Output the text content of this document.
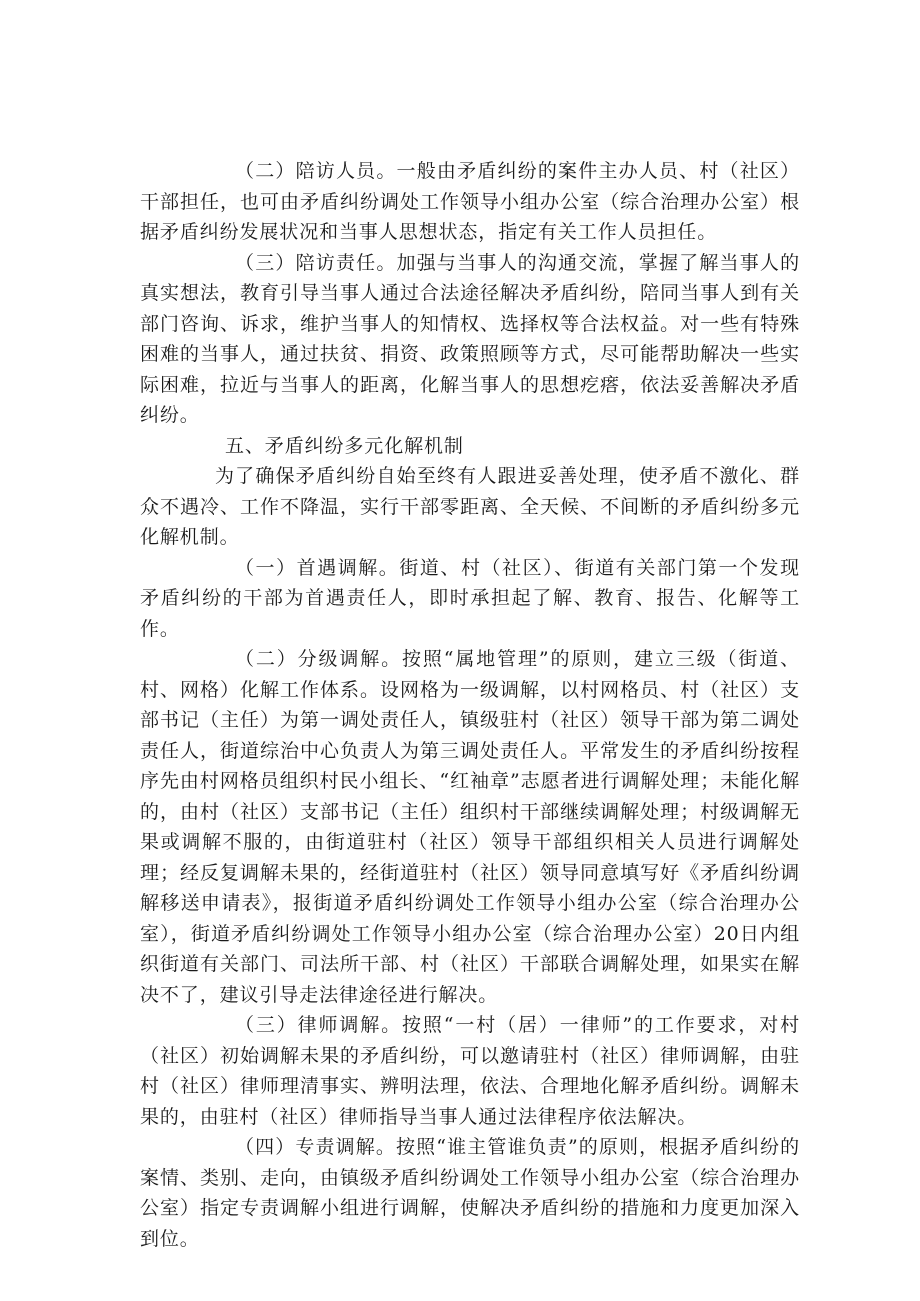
（二）陪访人员。一般由矛盾纠纷的案件主办人员、村（社区）干部担任，也可由矛盾纠纷调处工作领导小组办公室（综合治理办公室）根据矛盾纠纷发展状况和当事人思想状态，指定有关工作人员担任。

（三）陪访责任。加强与当事人的沟通交流，掌握了解当事人的真实想法，教育引导当事人通过合法途径解决矛盾纠纷，陪同当事人到有关部门咨询、诉求，维护当事人的知情权、选择权等合法权益。对一些有特殊困难的当事人，通过扶贫、捐资、政策照顾等方式，尽可能帮助解决一些实际困难，拉近与当事人的距离，化解当事人的思想疙瘩，依法妥善解决矛盾纠纷。

五、矛盾纠纷多元化解机制

为了确保矛盾纠纷自始至终有人跟进妥善处理，使矛盾不激化、群众不遇冷、工作不降温，实行干部零距离、全天候、不间断的矛盾纠纷多元化解机制。

（一）首遇调解。街道、村（社区）、街道有关部门第一个发现矛盾纠纷的干部为首遇责任人，即时承担起了解、教育、报告、化解等工作。

（二）分级调解。按照“属地管理”的原则，建立三级（街道、村、网格）化解工作体系。设网格为一级调解，以村网格员、村（社区）支部书记（主任）为第一调处责任人，镇级驻村（社区）领导干部为第二调处责任人，街道综治中心负责人为第三调处责任人。平常发生的矛盾纠纷按程序先由村网格员组织村民小组长、“红袖章”志愿者进行调解处理；未能化解的，由村（社区）支部书记（主任）组织村干部继续调解处理；村级调解无果或调解不服的，由街道驻村（社区）领导干部组织相关人员进行调解处理；经反复调解未果的，经街道驻村（社区）领导同意填写好《矛盾纠纷调解移送申请表》，报街道矛盾纠纷调处工作领导小组办公室（综合治理办公室），街道矛盾纠纷调处工作领导小组办公室（综合治理办公室）20日内组织街道有关部门、司法所干部、村（社区）干部联合调解处理，如果实在解决不了，建议引导走法律途径进行解决。

（三）律师调解。按照“一村（居）一律师”的工作要求，对村（社区）初始调解未果的矛盾纠纷，可以邀请驻村（社区）律师调解，由驻村（社区）律师理清事实、辨明法理，依法、合理地化解矛盾纠纷。调解未果的，由驻村（社区）律师指导当事人通过法律程序依法解决。

（四）专责调解。按照“谁主管谁负责”的原则，根据矛盾纠纷的案情、类别、走向，由镇级矛盾纠纷调处工作领导小组办公室（综合治理办公室）指定专责调解小组进行调解，使解决矛盾纠纷的措施和力度更加深入到位。
